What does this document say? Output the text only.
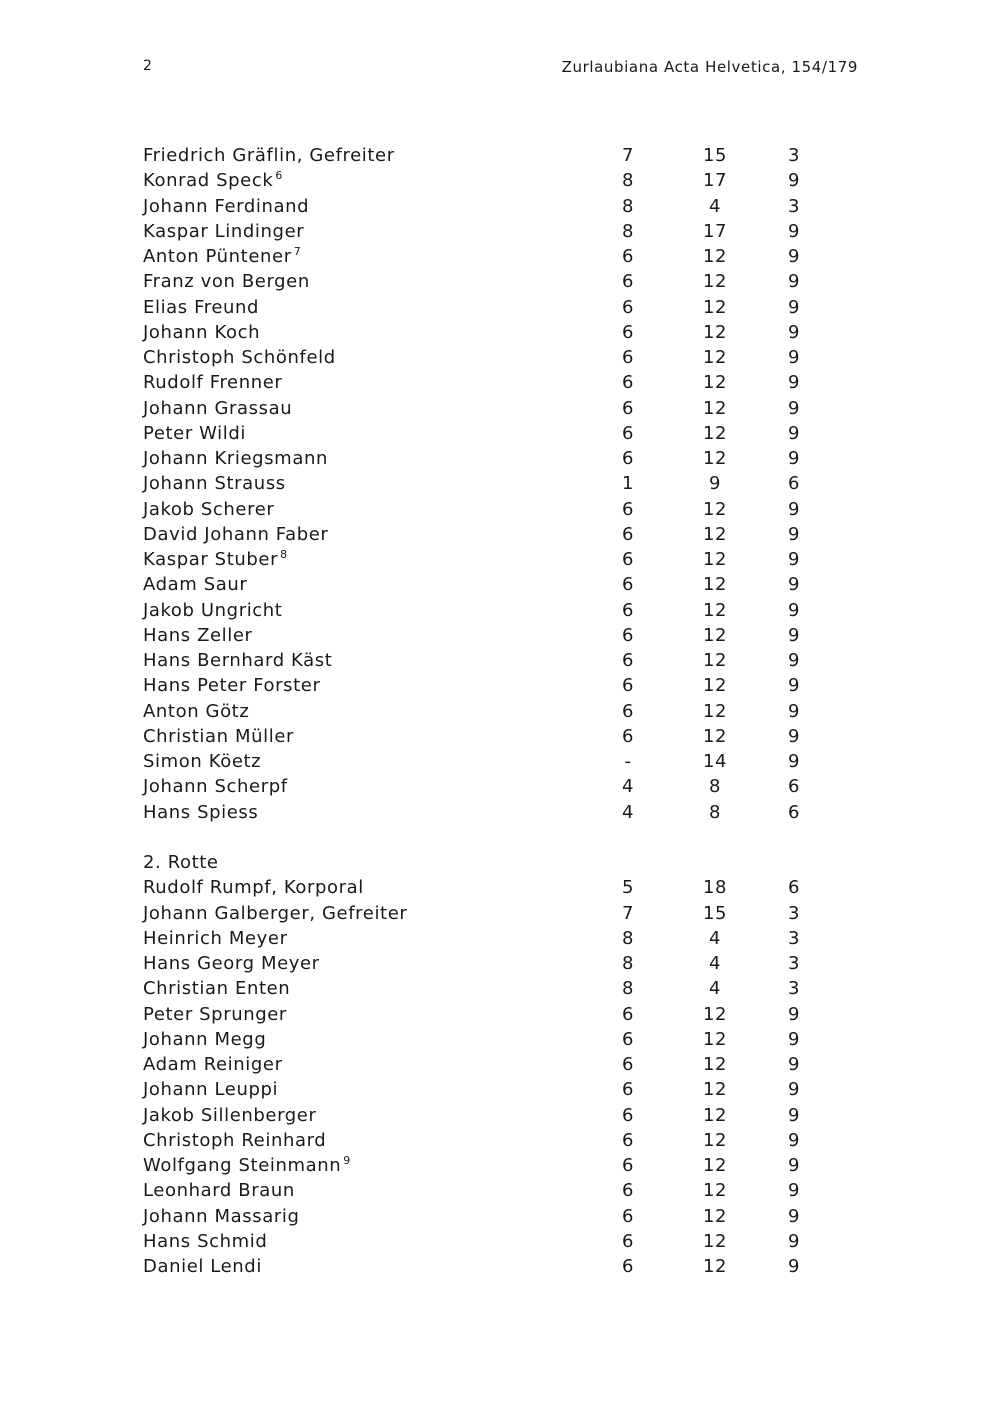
2	Zurlaubiana Acta Helvetica, 154/179
Friedrich Gräflin, Gefreiter	7	15	3
Konrad Speck $^6$	8	17	9
Johann Ferdinand	8	4	3
Kaspar Lindinger	8	17	9
Anton Püntener $^7$	6	12	9
Franz von Bergen	6	12	9
Elias Freund	6	12	9
Johann Koch	6	12	9
Christoph Schönfeld	6	12	9
Rudolf Frenner	6	12	9
Johann Grassau	6	12	9
Peter Wildi	6	12	9
Johann Kriegsmann	6	12	9
Johann Strauss	1	9	6
Jakob Scherer	6	12	9
David Johann Faber	6	12	9
Kaspar Stuber $^8$	6	12	9
Adam Saur	6	12	9
Jakob Ungricht	6	12	9
Hans Zeller	6	12	9
Hans Bernhard Käst	6	12	9
Hans Peter Forster	6	12	9
Anton Götz	6	12	9
Christian Müller	6	12	9
Simon Köetz	-	14	9
Johann Scherpf	4	8	6
Hans Spiess	4	8	6
2. Rotte
Rudolf Rumpf, Korporal	5	18	6
Johann Galberger, Gefreiter	7	15	3
Heinrich Meyer	8	4	3
Hans Georg Meyer	8	4	3
Christian Enten	8	4	3
Peter Sprunger	6	12	9
Johann Megg	6	12	9
Adam Reiniger	6	12	9
Johann Leuppi	6	12	9
Jakob Sillenberger	6	12	9
Christoph Reinhard	6	12	9
Wolfgang Steinmann $^9$	6	12	9
Leonhard Braun	6	12	9
Johann Massarig	6	12	9
Hans Schmid	6	12	9
Daniel Lendi	6	12	9
